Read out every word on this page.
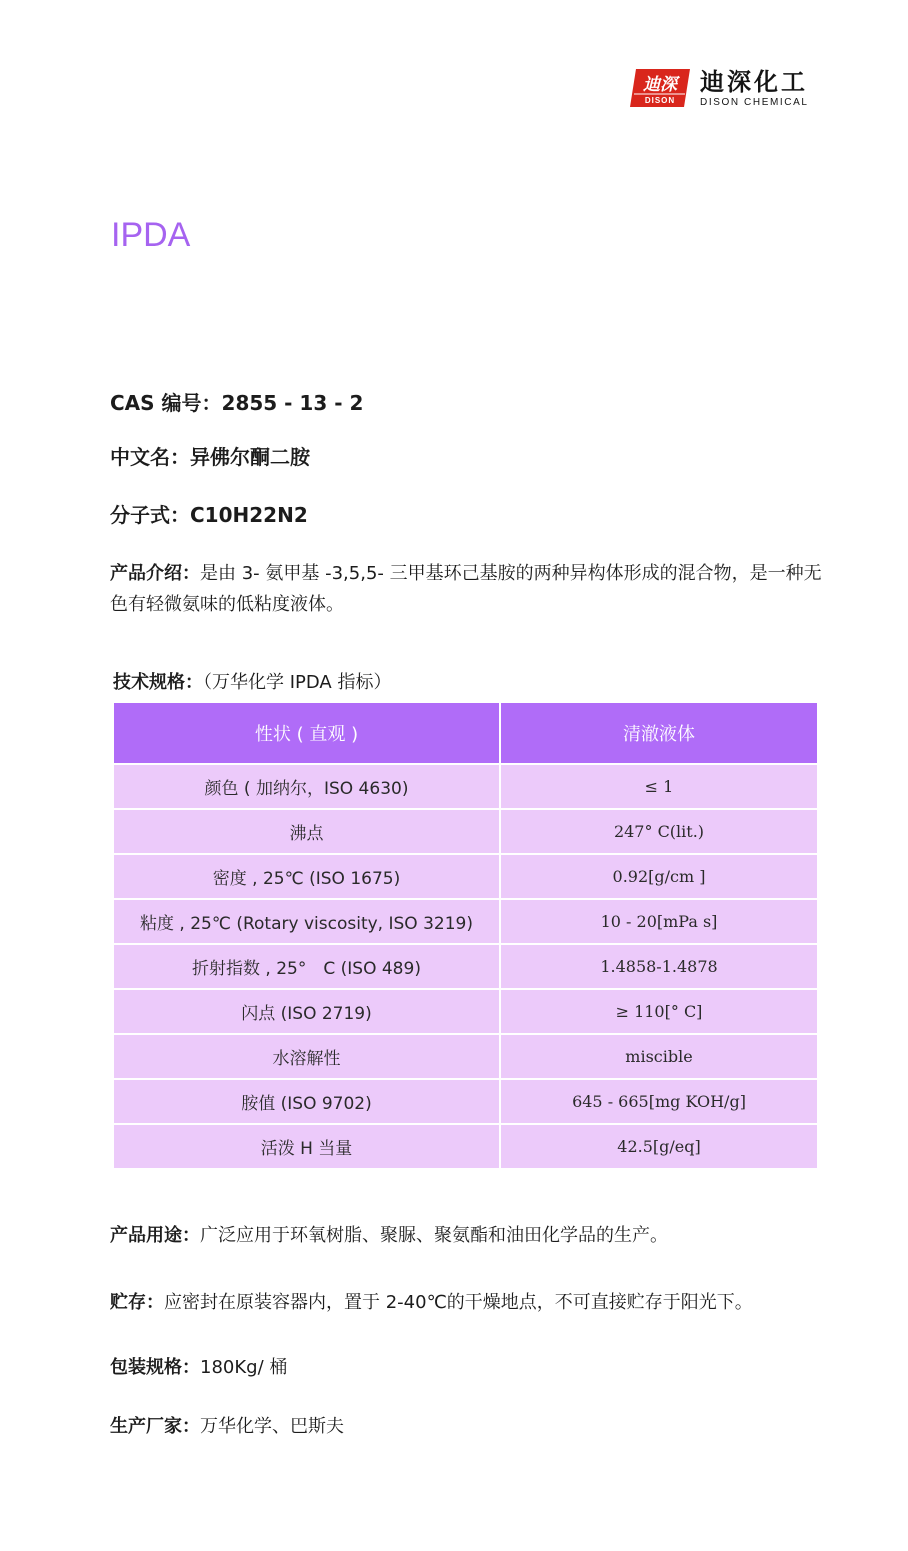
迪深
DISON
迪深化工
DISON CHEMICAL
IPDA
CAS 编号：2855 - 13 - 2
中文名：异佛尔酮二胺
分子式：C10H22N2

产品介绍：是由 3- 氨甲基 -3,5,5- 三甲基环己基胺的两种异构体形成的混合物，是一种无色有轻微氨味的低粘度液体。

技术规格：（万华化学 IPDA 指标）
性状 ( 直观 )	清澈液体
颜色 ( 加纳尔，ISO 4630)	≤ 1
沸点	247° C(lit.)
密度 , 25℃ (ISO 1675)	0.92[g/cm ]
粘度 , 25℃ (Rotary viscosity, ISO 3219)	10 - 20[mPa s]
折射指数 , 25°　C (ISO 489)	1.4858-1.4878
闪点 (ISO 2719)	≥ 110[° C]
水溶解性	miscible
胺值 (ISO 9702)	645 - 665[mg KOH/g]
活泼 H 当量	42.5[g/eq]
产品用途：广泛应用于环氧树脂、聚脲、聚氨酯和油田化学品的生产。
贮存：应密封在原装容器内，置于 2-40℃的干燥地点，不可直接贮存于阳光下。
包装规格：180Kg/ 桶
生产厂家：万华化学、巴斯夫
